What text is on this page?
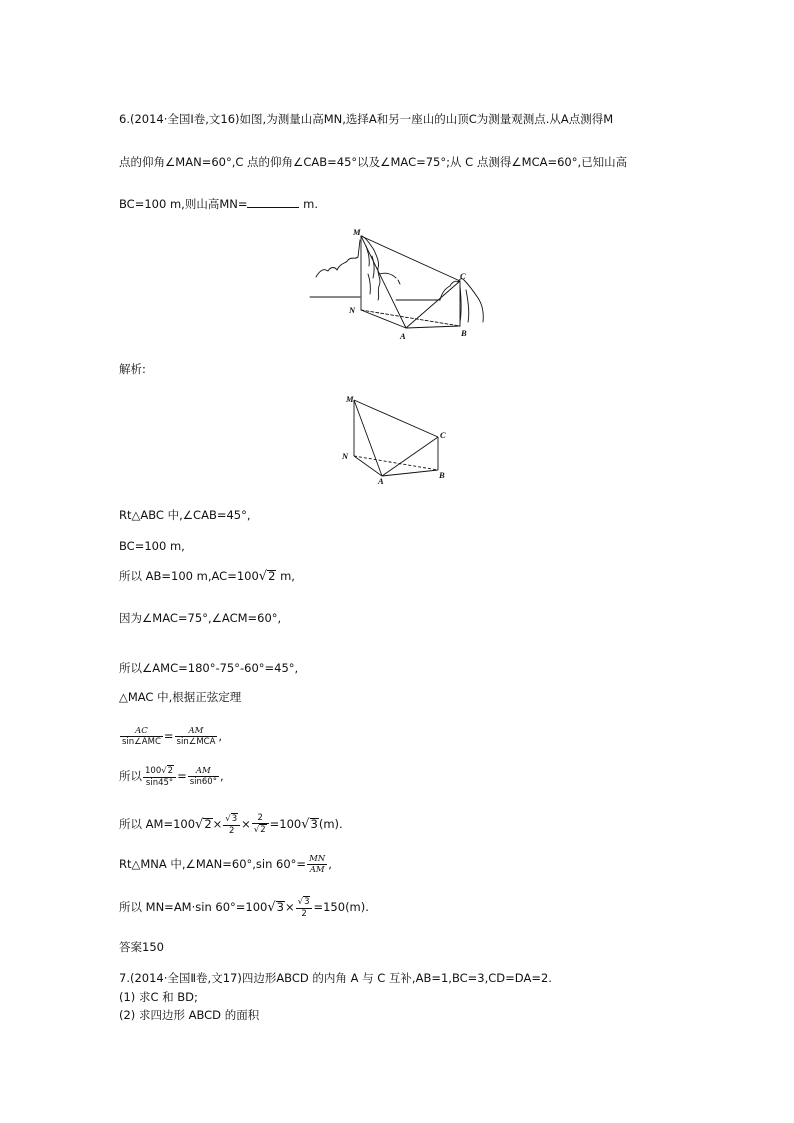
6.(2014·全国Ⅰ卷,文16)如图,为测量山高MN,选择A和另一座山的山顶C为测量观测点.从A点测得M
点的仰角∠MAN=60°,C 点的仰角∠CAB=45°以及∠MAC=75°;从 C 点测得∠MCA=60°,已知山高
BC=100 m,则山高MN=	m.
M
N
A	B
C
解析:
M
N
A
B
C
Rt△ABC 中,∠CAB=45°,
BC=100 m,
所以 AB=100 m,AC=100√2 m,
因为∠MAC=75°,∠ACM=60°,
所以∠AMC=180°-75°-60°=45°,
△MAC 中,根据正弦定理
$\frac{AC}{\text{sin∠AMC}} = \frac{AM}{\text{sin∠MCA}}$ ,
所以 $\frac{100√2}{\sin 45^\circ} = \frac{AM}{\sin 60^\circ}$ ,
所以 $AM=100√2\times \frac{√3}{2} \times \frac{2}{√2} =100√3(m)$.
Rt△MNA 中,∠MAN=60°,sin $60^\circ= \frac{MN}{AM}$ ,
所以 MN=AM·sin $60^\circ=100√3\times \frac{√3}{2} =150(m)$.
答案150
7.(2014·全国Ⅱ卷,文17)四边形ABCD 的内角 A 与 C 互补,AB=1,BC=3,CD=DA=2.
(1) 求C 和 BD;
(2) 求四边形 ABCD 的面积
